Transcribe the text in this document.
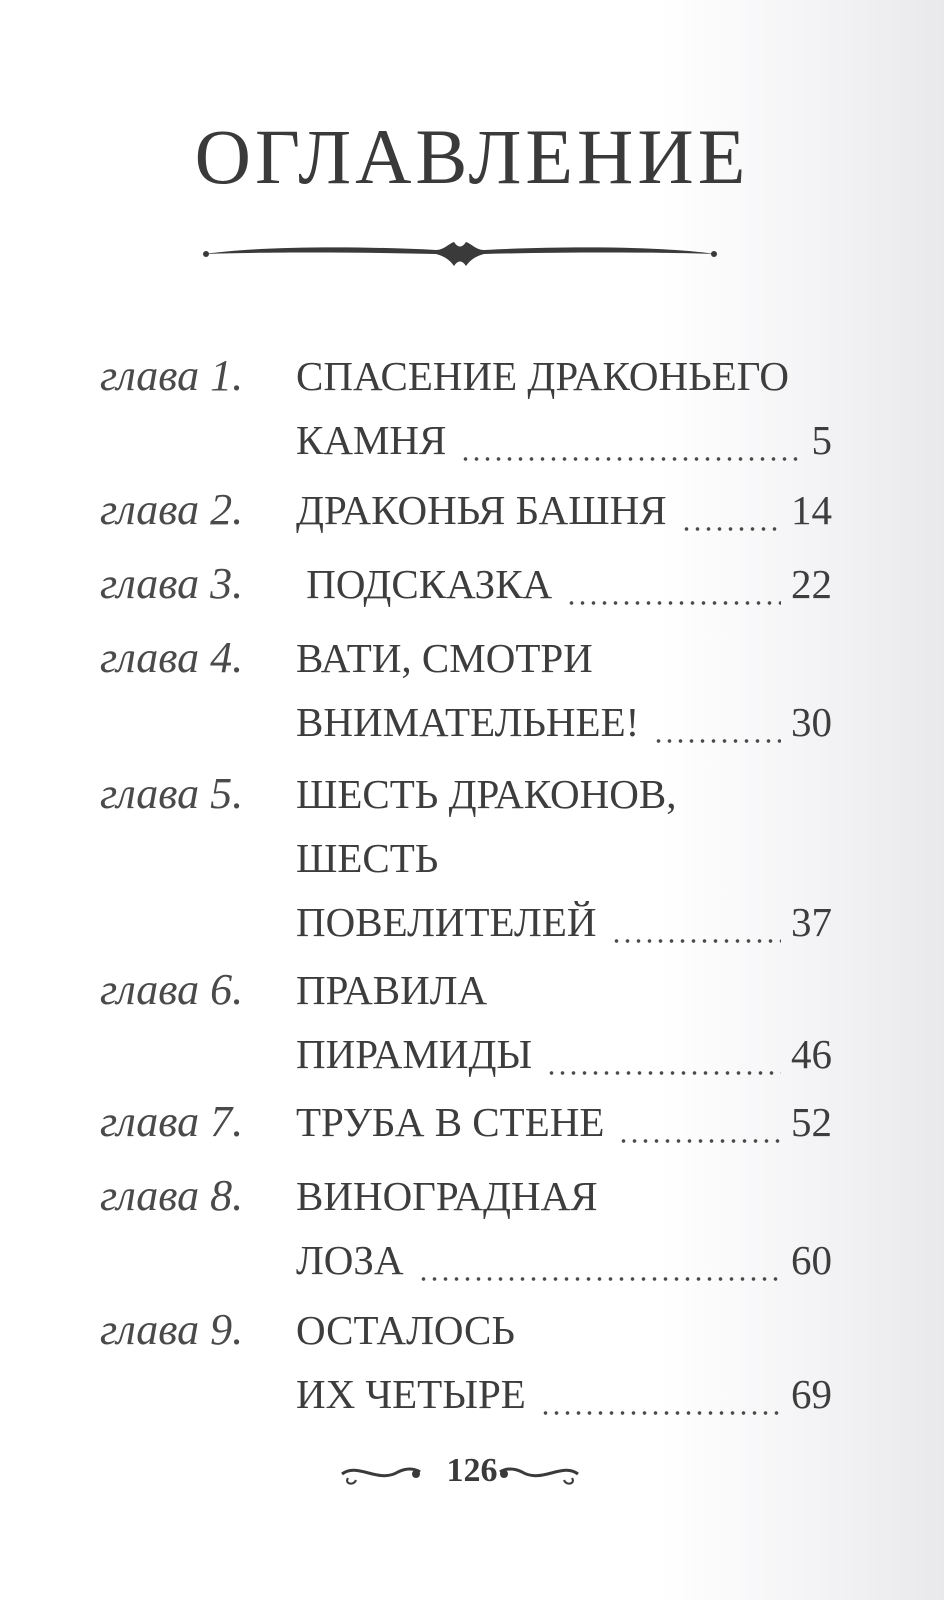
ОГЛАВЛЕНИЕ
глава 1.	СПАСЕНИЕ ДРАКОНЬЕГО
КАМНЯ	5
глава 2.	ДРАКОНЬЯ БАШНЯ	14
глава 3.	ПОДСКАЗКА	22
глава 4.	ВАТИ, СМОТРИ
ВНИМАТЕЛЬНЕЕ!	30
глава 5.	ШЕСТЬ ДРАКОНОВ,
ШЕСТЬ
ПОВЕЛИТЕЛЕЙ	37
глава 6.	ПРАВИЛА
ПИРАМИДЫ	46
глава 7.	ТРУБА В СТЕНЕ	52
глава 8.	ВИНОГРАДНАЯ
ЛОЗА	60
глава 9.	ОСТАЛОСЬ
ИХ ЧЕТЫРЕ	69
126
